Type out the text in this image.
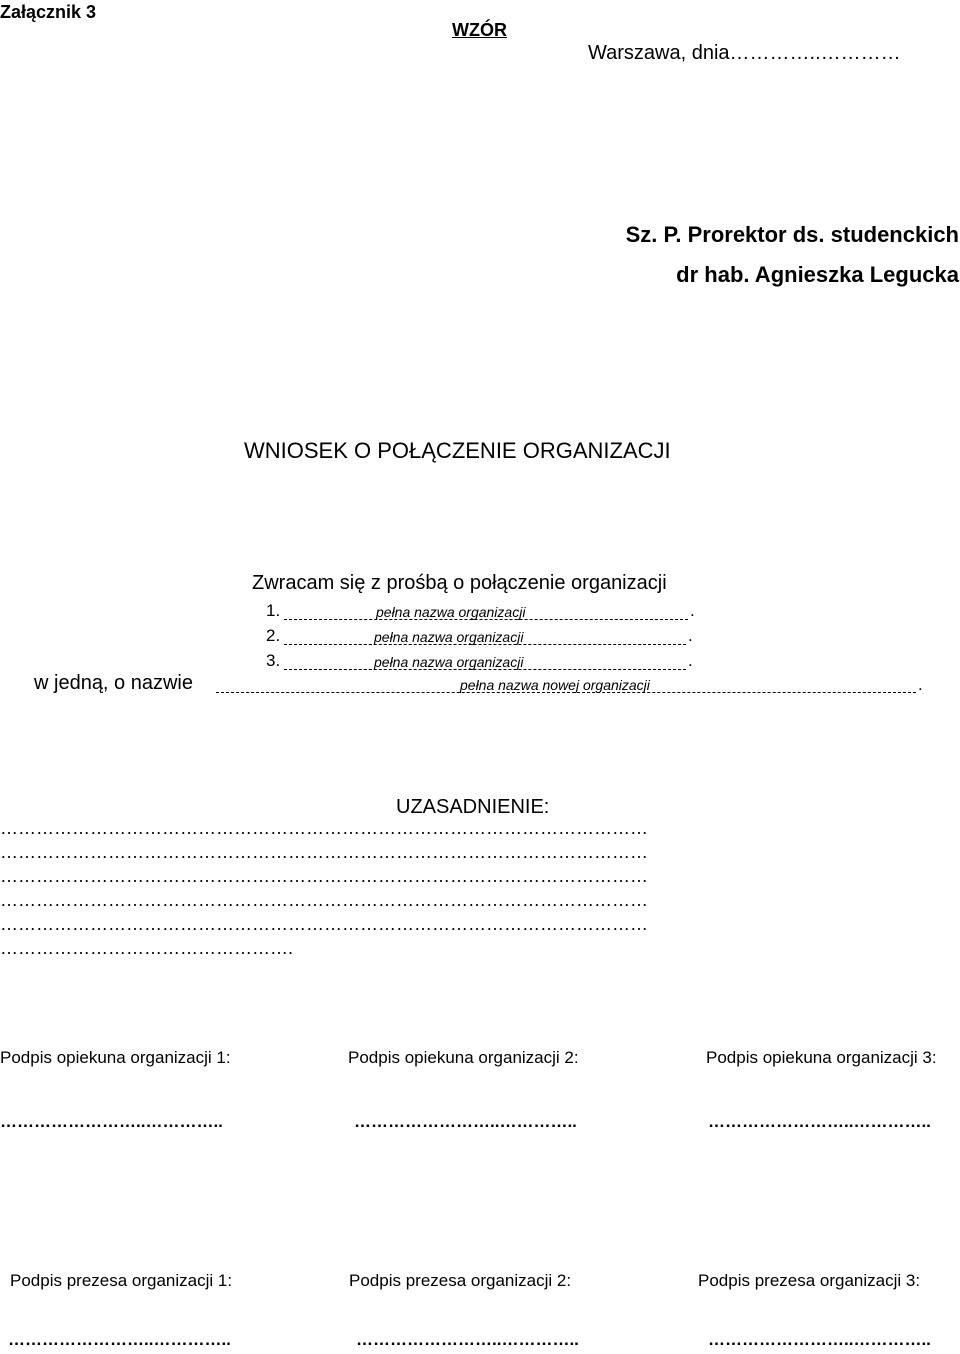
Załącznik 3
WZÓR
Warszawa, dnia…………..…………
Sz. P. Prorektor ds. studenckich
dr hab. Agnieszka Legucka
WNIOSEK O POŁĄCZENIE ORGANIZACJI
Zwracam się z prośbą o połączenie organizacji
1.	pełna nazwa organizacji	.
2.	pełna nazwa organizacji	.
3.	pełna nazwa organizacji	.
w jedną, o nazwie	pełna nazwa nowej organizacji	.
UZASADNIENIE:
………………………………………………………………………………………………
………………………………………………………………………………………………
………………………………………………………………………………………………
………………………………………………………………………………………………
………………………………………………………………………………………………
………………………………………….
Podpis opiekuna organizacji 1:	Podpis opiekuna organizacji 2:	Podpis opiekuna organizacji 3:
……………………..…………..	……………………..…………..	……………………..…………..
Podpis prezesa organizacji 1:	Podpis prezesa organizacji 2:	Podpis prezesa organizacji 3:
……………………..…………..	……………………..…………..	……………………..…………..
